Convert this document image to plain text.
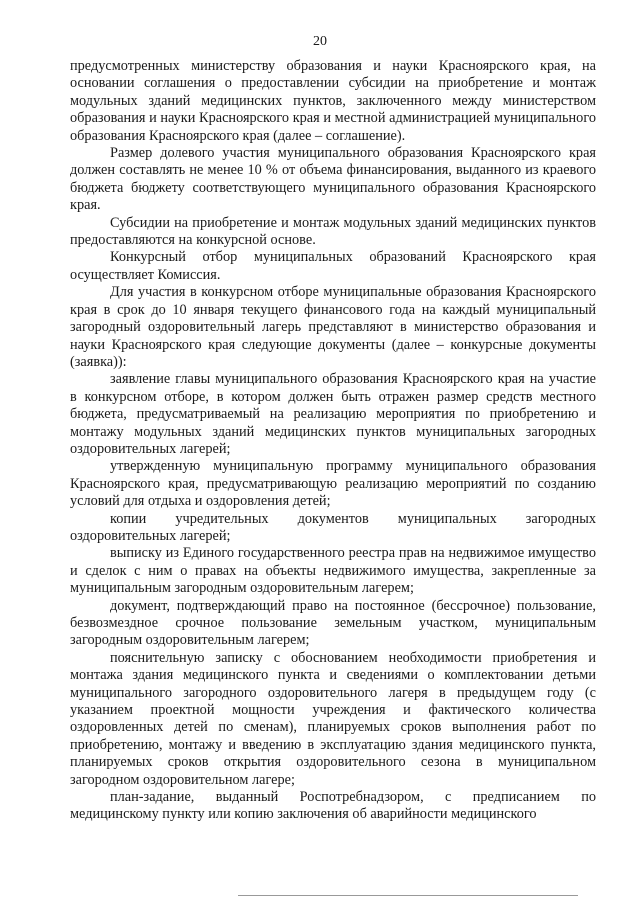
20

предусмотренных министерству образования и науки Красноярского края, на основании соглашения о предоставлении субсидии на приобретение и монтаж модульных зданий медицинских пунктов, заключенного между министерством образования и науки Красноярского края и местной администрацией муниципального образования Красноярского края (далее – соглашение).

Размер долевого участия муниципального образования Красноярского края должен составлять не менее 10 % от объема финансирования, выданного из краевого бюджета бюджету соответствующего муниципального образования Красноярского края.

Субсидии на приобретение и монтаж модульных зданий медицинских пунктов предоставляются на конкурсной основе.

Конкурсный отбор муниципальных образований Красноярского края осуществляет Комиссия.

Для участия в конкурсном отборе муниципальные образования Красноярского края в срок до 10 января текущего финансового года на каждый муниципальный загородный оздоровительный лагерь представляют в министерство образования и науки Красноярского края следующие документы (далее – конкурсные документы (заявка)):

заявление главы муниципального образования Красноярского края на участие в конкурсном отборе, в котором должен быть отражен размер средств местного бюджета, предусматриваемый на реализацию мероприятия по приобретению и монтажу модульных зданий медицинских пунктов муниципальных загородных оздоровительных лагерей;

утвержденную муниципальную программу муниципального образования Красноярского края, предусматривающую реализацию мероприятий по созданию условий для отдыха и оздоровления детей;

копии учредительных документов муниципальных загородных оздоровительных лагерей;

выписку из Единого государственного реестра прав на недвижимое имущество и сделок с ним о правах на объекты недвижимого имущества, закрепленные за муниципальным загородным оздоровительным лагерем;

документ, подтверждающий право на постоянное (бессрочное) пользование, безвозмездное срочное пользование земельным участком, муниципальным загородным оздоровительным лагерем;

пояснительную записку с обоснованием необходимости приобретения и монтажа здания медицинского пункта и сведениями о комплектовании детьми муниципального загородного оздоровительного лагеря в предыдущем году (с указанием проектной мощности учреждения и фактического количества оздоровленных детей по сменам), планируемых сроков выполнения работ по приобретению, монтажу и введению в эксплуатацию здания медицинского пункта, планируемых сроков открытия оздоровительного сезона в муниципальном загородном оздоровительном лагере;

план-задание, выданный Роспотребнадзором, с предписанием по медицинскому пункту или копию заключения об аварийности медицинского
